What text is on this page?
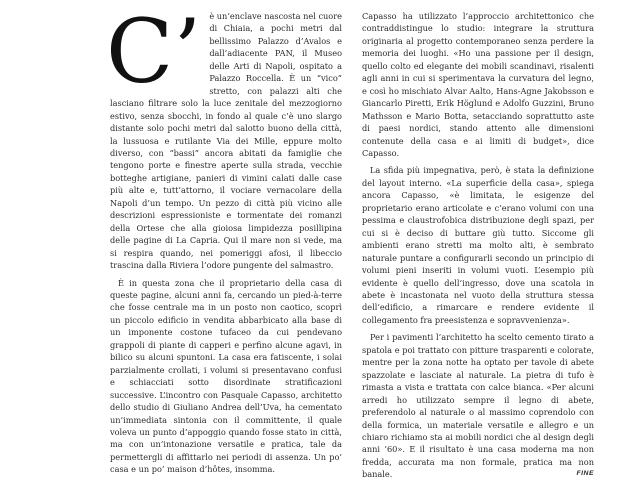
C’ è un’enclave nascosta nel cuore di Chiaia, a pochi metri dal bellissimo Palazzo d’Avalos e dall’adiacente PAN, il Museo delle Arti di Napoli, ospitato a Palazzo Roccella. È un “vico” stretto, con palazzi alti che lasciano filtrare solo la luce zenitale del mezzogiorno estivo, senza sbocchi, in fondo al quale c’è uno slargo distante solo pochi metri dal salotto buono della città, la lussuosa e rutilante Via dei Mille, eppure molto diverso, con “bassi” ancora abitati da famiglie che tengono porte e finestre aperte sulla strada, vecchie botteghe artigiane, panieri di vimini calati dalle case più alte e, tutt’attorno, il vociare vernacolare della Napoli d’un tempo. Un pezzo di città più vicino alle descrizioni espressioniste e tormentate dei romanzi della Ortese che alla gioiosa limpidezza posillipina delle pagine di La Capria. Qui il mare non si vede, ma si respira quando, nei pomeriggi afosi, il libeccio trascina dalla Riviera l’odore pungente del salmastro.

È in questa zona che il proprietario della casa di queste pagine, alcuni anni fa, cercando un pied-à-terre che fosse centrale ma in un posto non caotico, scoprì un piccolo edificio in vendita abbarbicato alla base di un imponente costone tufaceo da cui pendevano grappoli di piante di capperi e perfino alcune agavi, in bilico su alcuni spuntoni. La casa era fatiscente, i solai parzialmente crollati, i volumi si presentavano confusi e schiacciati sotto disordinate stratificazioni successive. L’incontro con Pasquale Capasso, architetto dello studio di Giuliano Andrea dell’Uva, ha cementato un’immediata sintonia con il committente, il quale voleva un punto d’appoggio quando fosse stato in città, ma con un’intonazione versatile e pratica, tale da permettergli di affittarlo nei periodi di assenza. Un po’ casa e un po’ maison d’hôtes, insomma.

Capasso ha utilizzato l’approccio architettonico che contraddistingue lo studio: integrare la struttura originaria al progetto contemporaneo senza perdere la memoria dei luoghi. «Ho una passione per il design, quello colto ed elegante dei mobili scandinavi, risalenti agli anni in cui si sperimentava la curvatura del legno, e così ho mischiato Alvar Aalto, Hans-Agne Jakobsson e Giancarlo Piretti, Erik Höglund e Adolfo Guzzini, Bruno Mathsson e Mario Botta, setacciando soprattutto aste di paesi nordici, stando attento alle dimensioni contenute della casa e ai limiti di budget», dice Capasso.

La sfida più impegnativa, però, è stata la definizione del layout interno. «La superficie della casa», spiega ancora Capasso, «è limitata, le esigenze del proprietario erano articolate e c’erano volumi con una pessima e claustrofobica distribuzione degli spazi, per cui si è deciso di buttare giù tutto. Siccome gli ambienti erano stretti ma molto alti, è sembrato naturale puntare a configurarli secondo un principio di volumi pieni inseriti in volumi vuoti. L’esempio più evidente è quello dell’ingresso, dove una scatola in abete è incastonata nel vuoto della struttura stessa dell’edificio, a rimarcare e rendere evidente il collegamento fra preesistenza e sopravvenienza».

Per i pavimenti l’architetto ha scelto cemento tirato a spatola e poi trattato con pitture trasparenti e colorate, mentre per la zona notte ha optato per tavole di abete spazzolate e lasciate al naturale. La pietra di tufo è rimasta a vista e trattata con calce bianca. «Per alcuni arredi ho utilizzato sempre il legno di abete, preferendolo al naturale o al massimo coprendolo con della formica, un materiale versatile e allegro e un chiaro richiamo sta ai mobili nordici che al design degli anni ’60». E il risultato è una casa moderna ma non fredda, accurata ma non formale, pratica ma non banale.	FINE
